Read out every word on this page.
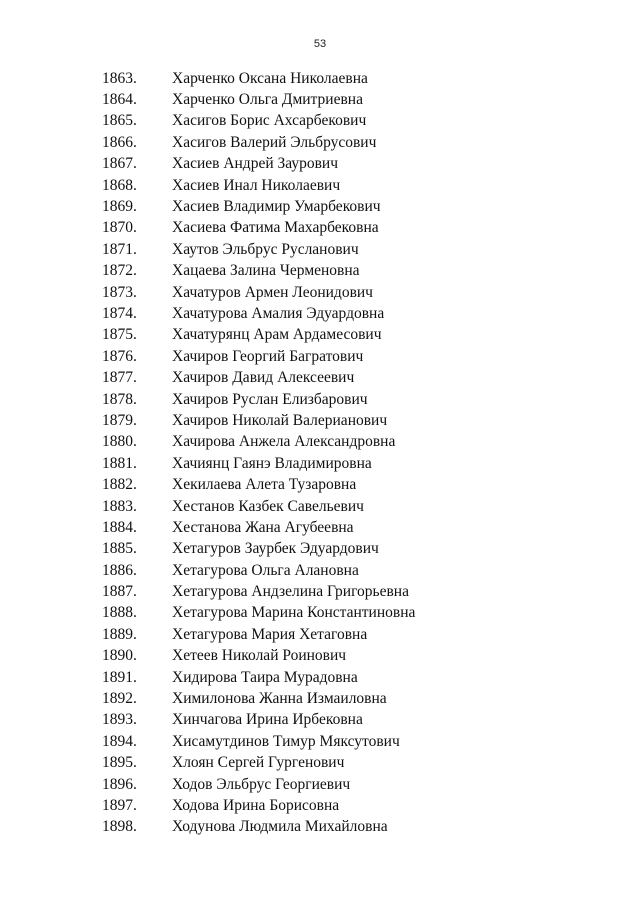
53
1863.	Харченко Оксана Николаевна
1864.	Харченко Ольга Дмитриевна
1865.	Хасигов Борис Ахсарбекович
1866.	Хасигов Валерий Эльбрусович
1867.	Хасиев Андрей Заурович
1868.	Хасиев Инал Николаевич
1869.	Хасиев Владимир Умарбекович
1870.	Хасиева Фатима Махарбековна
1871.	Хаутов Эльбрус Русланович
1872.	Хацаева Залина Черменовна
1873.	Хачатуров Армен Леонидович
1874.	Хачатурова Амалия Эдуардовна
1875.	Хачатурянц Арам Ардамесович
1876.	Хачиров Георгий Багратович
1877.	Хачиров Давид Алексеевич
1878.	Хачиров Руслан Елизбарович
1879.	Хачиров Николай Валерианович
1880.	Хачирова Анжела Александровна
1881.	Хачиянц Гаянэ Владимировна
1882.	Хекилаева Алета Тузаровна
1883.	Хестанов Казбек Савельевич
1884.	Хестанова Жана Агубеевна
1885.	Хетагуров Заурбек Эдуардович
1886.	Хетагурова Ольга Алановна
1887.	Хетагурова Андзелина Григорьевна
1888.	Хетагурова Марина Константиновна
1889.	Хетагурова Мария Хетаговна
1890.	Хетеев Николай Роинович
1891.	Хидирова Таира Мурадовна
1892.	Химилонова Жанна Измаиловна
1893.	Хинчагова Ирина Ирбековна
1894.	Хисамутдинов Тимур Мяксутович
1895.	Хлоян Сергей Гургенович
1896.	Ходов Эльбрус Георгиевич
1897.	Ходова Ирина Борисовна
1898.	Ходунова Людмила Михайловна
